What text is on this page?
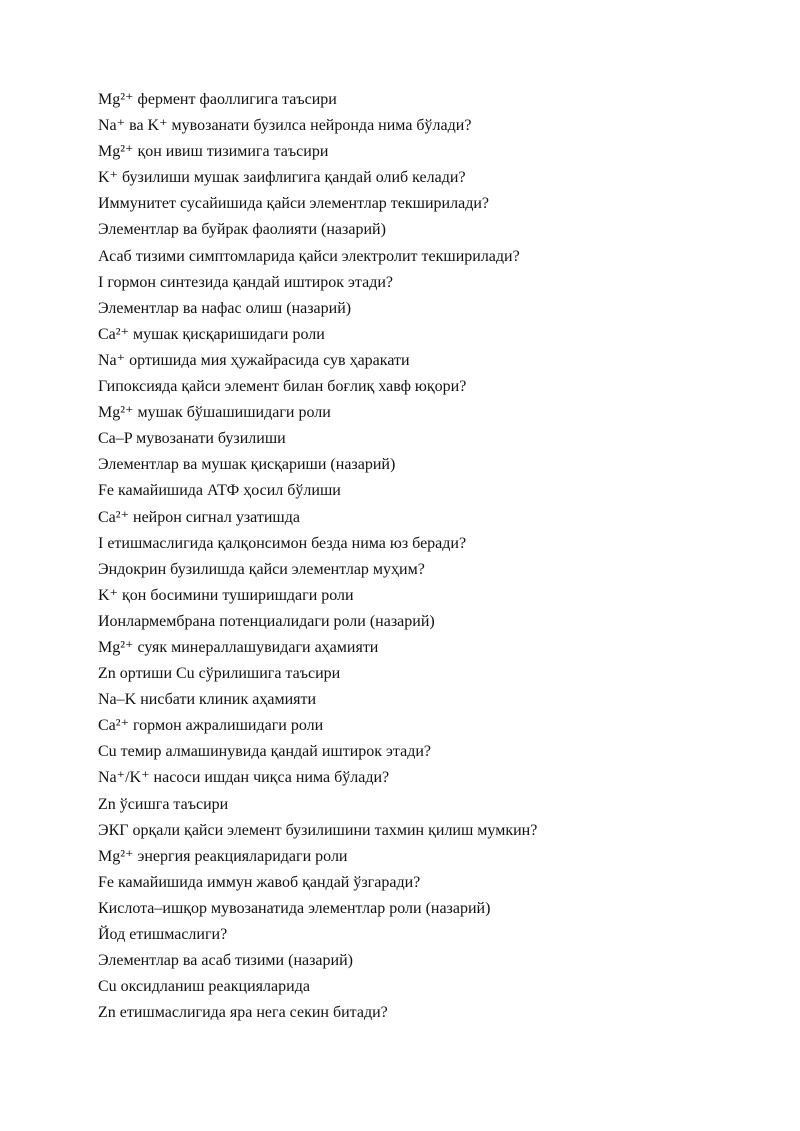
Mg²⁺ фермент фаоллигига таъсири
Na⁺ ва K⁺ мувозанати бузилса нейронда нима бўлади?
Mg²⁺ қон ивиш тизимига таъсири
K⁺ бузилиши мушак заифлигига қандай олиб келади?
Иммунитет сусайишида қайси элементлар текширилади?
Элементлар ва буйрак фаолияти (назарий)
Асаб тизими симптомларида қайси электролит текширилади?
I гормон синтезида қандай иштирок этади?
Элементлар ва нафас олиш (назарий)
Ca²⁺ мушак қисқаришидаги роли
Na⁺ ортишида мия ҳужайрасида сув ҳаракати
Гипоксияда қайси элемент билан боғлиқ хавф юқори?
Mg²⁺ мушак бўшашишидаги роли
Ca–P мувозанати бузилиши
Элементлар ва мушак қисқариши (назарий)
Fe камайишида АТФ ҳосил бўлиши
Ca²⁺ нейрон сигнал узатишда
I етишмаслигида қалқонсимон безда нима юз беради?
Эндокрин бузилишда қайси элементлар муҳим?
K⁺ қон босимини туширишдаги роли
Ионлармембрана потенциалидаги роли (назарий)
Mg²⁺ суяк минераллашувидаги аҳамияти
Zn ортиши Cu сўрилишига таъсири
Na–K нисбати клиник аҳамияти
Ca²⁺ гормон ажралишидаги роли
Cu темир алмашинувида қандай иштирок этади?
Na⁺/K⁺ насоси ишдан чиқса нима бўлади?
Zn ўсишга таъсири
ЭКГ орқали қайси элемент бузилишини тахмин қилиш мумкин?
Mg²⁺ энергия реакцияларидаги роли
Fe камайишида иммун жавоб қандай ўзгаради?
Кислота–ишқор мувозанатида элементлар роли (назарий)
Йод етишмаслиги?
Элементлар ва асаб тизими (назарий)
Cu оксидланиш реакцияларида
Zn етишмаслигида яра нега секин битади?
